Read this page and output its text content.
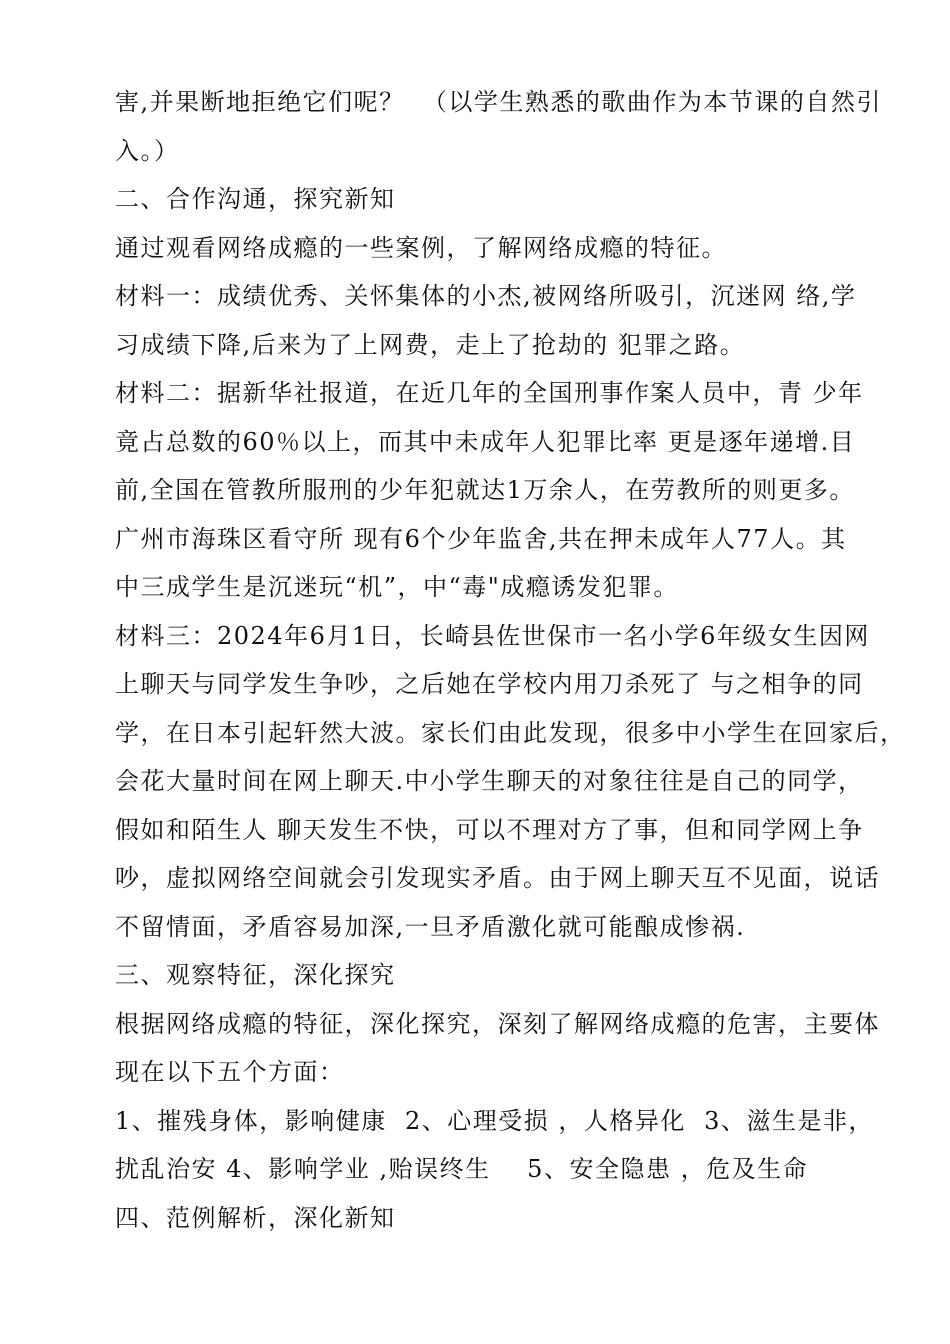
害,并果断地拒绝它们呢？  （以学生熟悉的歌曲作为本节课的自然引
入。）
二、合作沟通，探究新知
通过观看网络成瘾的一些案例，了解网络成瘾的特征。
材料一：成绩优秀、关怀集体的小杰,被网络所吸引，沉迷网 络,学
习成绩下降,后来为了上网费，走上了抢劫的 犯罪之路。
材料二：据新华社报道，在近几年的全国刑事作案人员中，青 少年
竟占总数的60％以上，而其中未成年人犯罪比率 更是逐年递增.目
前,全国在管教所服刑的少年犯就达1万余人，在劳教所的则更多。
广州市海珠区看守所 现有6个少年监舍,共在押未成年人77人。其
中三成学生是沉迷玩“机”，中“毒"成瘾诱发犯罪。
材料三：2024年6月1日，长崎县佐世保市一名小学6年级女生因网
上聊天与同学发生争吵，之后她在学校内用刀杀死了 与之相争的同
学，在日本引起轩然大波。家长们由此发现，很多中小学生在回家后，
会花大量时间在网上聊天.中小学生聊天的对象往往是自己的同学，
假如和陌生人 聊天发生不快，可以不理对方了事，但和同学网上争
吵，虚拟网络空间就会引发现实矛盾。由于网上聊天互不见面，说话
不留情面，矛盾容易加深,一旦矛盾激化就可能酿成惨祸.
三、观察特征，深化探究
根据网络成瘾的特征，深化探究，深刻了解网络成瘾的危害，主要体
现在以下五个方面：
1、摧残身体，影响健康  2、心理受损 ，人格异化  3、滋生是非，
扰乱治安 4、影响学业 ,贻误终生    5、安全隐患 ，危及生命
四、范例解析，深化新知
